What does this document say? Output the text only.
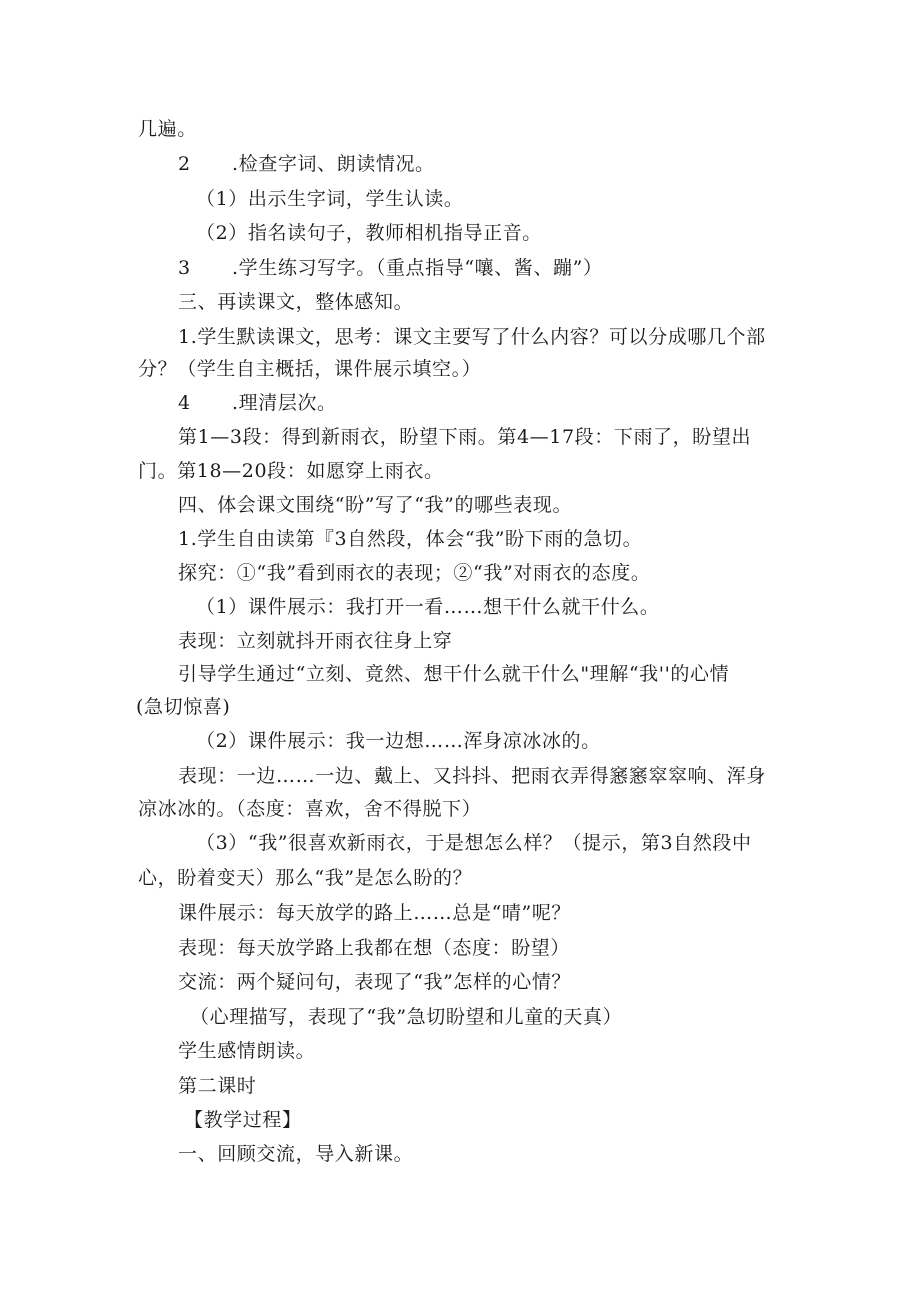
几遍。
2 .检查字词、朗读情况。
（1）出示生字词，学生认读。
（2）指名读句子，教师相机指导正音。
3 .学生练习写字。（重点指导“嚷、酱、蹦”）
三、再读课文，整体感知。
1.学生默读课文，思考：课文主要写了什么内容？可以分成哪几个部
分？（学生自主概括，课件展示填空。）
4 .理清层次。
第1—3段：得到新雨衣，盼望下雨。第4—17段：下雨了，盼望出
门。第18—20段：如愿穿上雨衣。
四、体会课文围绕“盼”写了“我”的哪些表现。
1.学生自由读第『3自然段，体会“我”盼下雨的急切。
探究：①“我”看到雨衣的表现；②“我”对雨衣的态度。
（1）课件展示：我打开一看……想干什么就干什么。
表现：立刻就抖开雨衣往身上穿
引导学生通过“立刻、竟然、想干什么就干什么"理解“我''的心情
(急切惊喜)
（2）课件展示：我一边想……浑身凉冰冰的。
表现：一边……一边、戴上、又抖抖、把雨衣弄得窸窸窣窣响、浑身
凉冰冰的。（态度：喜欢，舍不得脱下）
（3）“我”很喜欢新雨衣，于是想怎么样？（提示，第3自然段中
心，盼着变天）那么“我”是怎么盼的？
课件展示：每天放学的路上……总是“晴”呢？
表现：每天放学路上我都在想（态度：盼望）
交流：两个疑问句，表现了“我”怎样的心情？
（心理描写，表现了“我”急切盼望和儿童的天真）
学生感情朗读。
第二课时
【教学过程】
一、回顾交流，导入新课。
